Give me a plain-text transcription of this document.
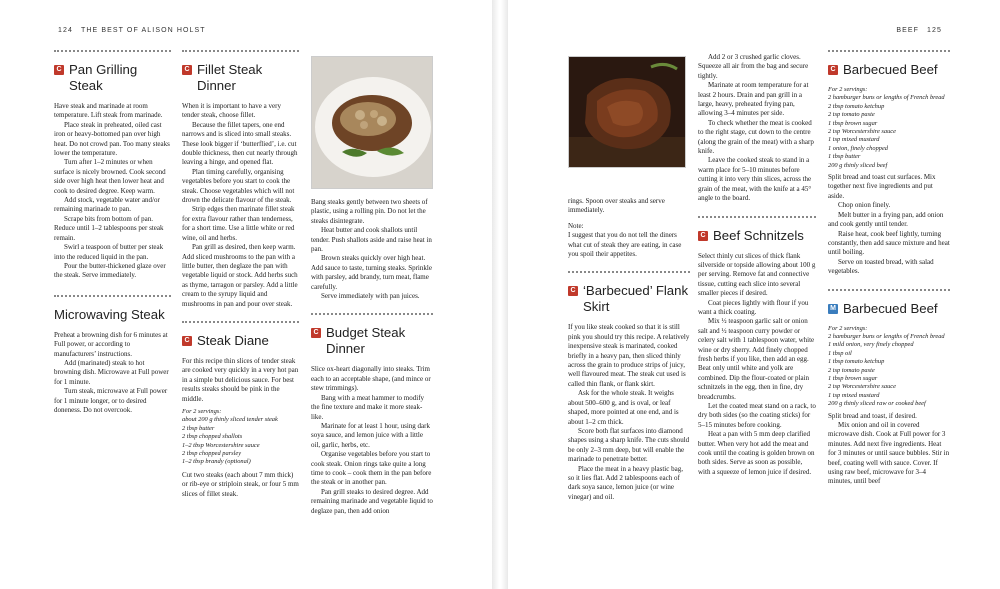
124 THE BEST OF ALISON HOLST
C Pan Grilling Steak

Have steak and marinade at room temperature. Lift steak from marinade.

Place steak in preheated, oiled cast iron or heavy-bottomed pan over high heat. Do not crowd pan. Too many steaks lower the temperature.

Turn after 1–2 minutes or when surface is nicely browned. Cook second side over high heat then lower heat and cook to desired degree. Keep warm.

Add stock, vegetable water and/or remaining marinade to pan.

Scrape bits from bottom of pan. Reduce until 1–2 tablespoons per steak remain.

Swirl a teaspoon of butter per steak into the reduced liquid in the pan.

Pour the butter-thickened glaze over the steak. Serve immediately.

Microwaving Steak

Preheat a browning dish for 6 minutes at Full power, or according to manufacturers’ instructions.

Add (marinated) steak to hot browning dish. Microwave at Full power for 1 minute.

Turn steak, microwave at Full power for 1 minute longer, or to desired doneness. Do not overcook.

C Fillet Steak Dinner

When it is important to have a very tender steak, choose fillet.

Because the fillet tapers, one end narrows and is sliced into small steaks. These look bigger if ‘butterflied’, i.e. cut double thickness, then cut nearly through leaving a hinge, and opened flat.

Plan timing carefully, organising vegetables before you start to cook the steak. Choose vegetables which will not drown the delicate flavour of the steak.

Strip edges then marinate fillet steak for extra flavour rather than tenderness, for a short time. Use a little white or red wine, oil and herbs.

Pan grill as desired, then keep warm. Add sliced mushrooms to the pan with a little butter, then deglaze the pan with vegetable liquid or stock. Add herbs such as thyme, tarragon or parsley. Add a little cream to the syrupy liquid and mushrooms in pan and pour over steak.

C Steak Diane

For this recipe thin slices of tender steak are cooked very quickly in a very hot pan in a simple but delicious sauce. For best results steaks should be pink in the middle.

For 2 servings:

about 200 g thinly sliced tender steak

2 tbsp butter

2 tbsp chopped shallots

1–2 tbsp Worcestershire sauce

2 tbsp chopped parsley

1–2 tbsp brandy (optional)

Cut two steaks (each about 7 mm thick) or rib-eye or striploin steak, or four 5 mm slices of fillet steak.

Bang steaks gently between two sheets of plastic, using a rolling pin. Do not let the steaks disintegrate.

Heat butter and cook shallots until tender. Push shallots aside and raise heat in pan.

Brown steaks quickly over high heat. Add sauce to taste, turning steaks. Sprinkle with parsley, add brandy, turn meat, flame carefully.

Serve immediately with pan juices.

C Budget Steak Dinner

Slice ox-heart diagonally into steaks. Trim each to an acceptable shape, (and mince or stew trimmings).

Bang with a meat hammer to modify the fine texture and make it more steak-like.

Marinate for at least 1 hour, using dark soya sauce, and lemon juice with a little oil, garlic, herbs, etc.

Organise vegetables before you start to cook steak. Onion rings take quite a long time to cook – cook them in the pan before the steak or in another pan.

Pan grill steaks to desired degree. Add remaining marinade and vegetable liquid to deglaze pan, then add onion

BEEF 125

rings. Spoon over steaks and serve immediately.

Note:

I suggest that you do not tell the diners what cut of steak they are eating, in case you spoil their appetites.

C ‘Barbecued’ Flank Skirt

If you like steak cooked so that it is still pink you should try this recipe. A relatively inexpensive steak is marinated, cooked briefly in a heavy pan, then sliced thinly across the grain to produce strips of juicy, well flavoured meat. The steak cut used is called thin flank, or flank skirt.

Ask for the whole steak. It weighs about 500–600 g, and is oval, or leaf shaped, more pointed at one end, and is about 1–2 cm thick.

Score both flat surfaces into diamond shapes using a sharp knife. The cuts should be only 2–3 mm deep, but will enable the marinade to penetrate better.

Place the meat in a heavy plastic bag, so it lies flat. Add 2 tablespoons each of dark soya sauce, lemon juice (or wine vinegar) and oil.

Add 2 or 3 crushed garlic cloves. Squeeze all air from the bag and secure tightly.

Marinate at room temperature for at least 2 hours. Drain and pan grill in a large, heavy, preheated frying pan, allowing 3–4 minutes per side.

To check whether the meat is cooked to the right stage, cut down to the centre (along the grain of the meat) with a sharp knife.

Leave the cooked steak to stand in a warm place for 5–10 minutes before cutting it into very thin slices, across the grain of the meat, with the knife at a 45° angle to the board.

C Beef Schnitzels

Select thinly cut slices of thick flank silverside or topside allowing about 100 g per serving. Remove fat and connective tissue, cutting each slice into several smaller pieces if desired.

Coat pieces lightly with flour if you want a thick coating.

Mix ½ teaspoon garlic salt or onion salt and ½ teaspoon curry powder or celery salt with 1 tablespoon water, white wine or dry sherry. Add finely chopped fresh herbs if you like, then add an egg. Beat only until white and yolk are combined. Dip the flour-coated or plain schnitzels in the egg, then in fine, dry breadcrumbs.

Let the coated meat stand on a rack, to dry both sides (so the coating sticks) for 5–15 minutes before cooking.

Heat a pan with 5 mm deep clarified butter. When very hot add the meat and cook until the coating is golden brown on both sides. Serve as soon as possible, with a squeeze of lemon juice if desired.

C Barbecued Beef

For 2 servings:

2 hamburger buns or lengths of French bread

2 tbsp tomato ketchup

2 tsp tomato paste

1 tbsp brown sugar

2 tsp Worcestershire sauce

1 tsp mixed mustard

1 onion, finely chopped

1 tbsp butter

200 g thinly sliced beef

Split bread and toast cut surfaces. Mix together next five ingredients and put aside.

Chop onion finely.

Melt butter in a frying pan, add onion and cook gently until tender.

Raise heat, cook beef lightly, turning constantly, then add sauce mixture and heat until boiling.

Serve on toasted bread, with salad vegetables.

M Barbecued Beef

For 2 servings:

2 hamburger buns or lengths of French bread

1 mild onion, very finely chopped

1 tbsp oil

1 tbsp tomato ketchup

2 tsp tomato paste

1 tbsp brown sugar

2 tsp Worcestershire sauce

1 tsp mixed mustard

200 g thinly sliced raw or cooked beef

Split bread and toast, if desired.

Mix onion and oil in covered microwave dish. Cook at Full power for 3 minutes. Add next five ingredients. Heat for 3 minutes or until sauce bubbles. Stir in beef, coating well with sauce. Cover. If using raw beef, microwave for 3–4 minutes, until beef
